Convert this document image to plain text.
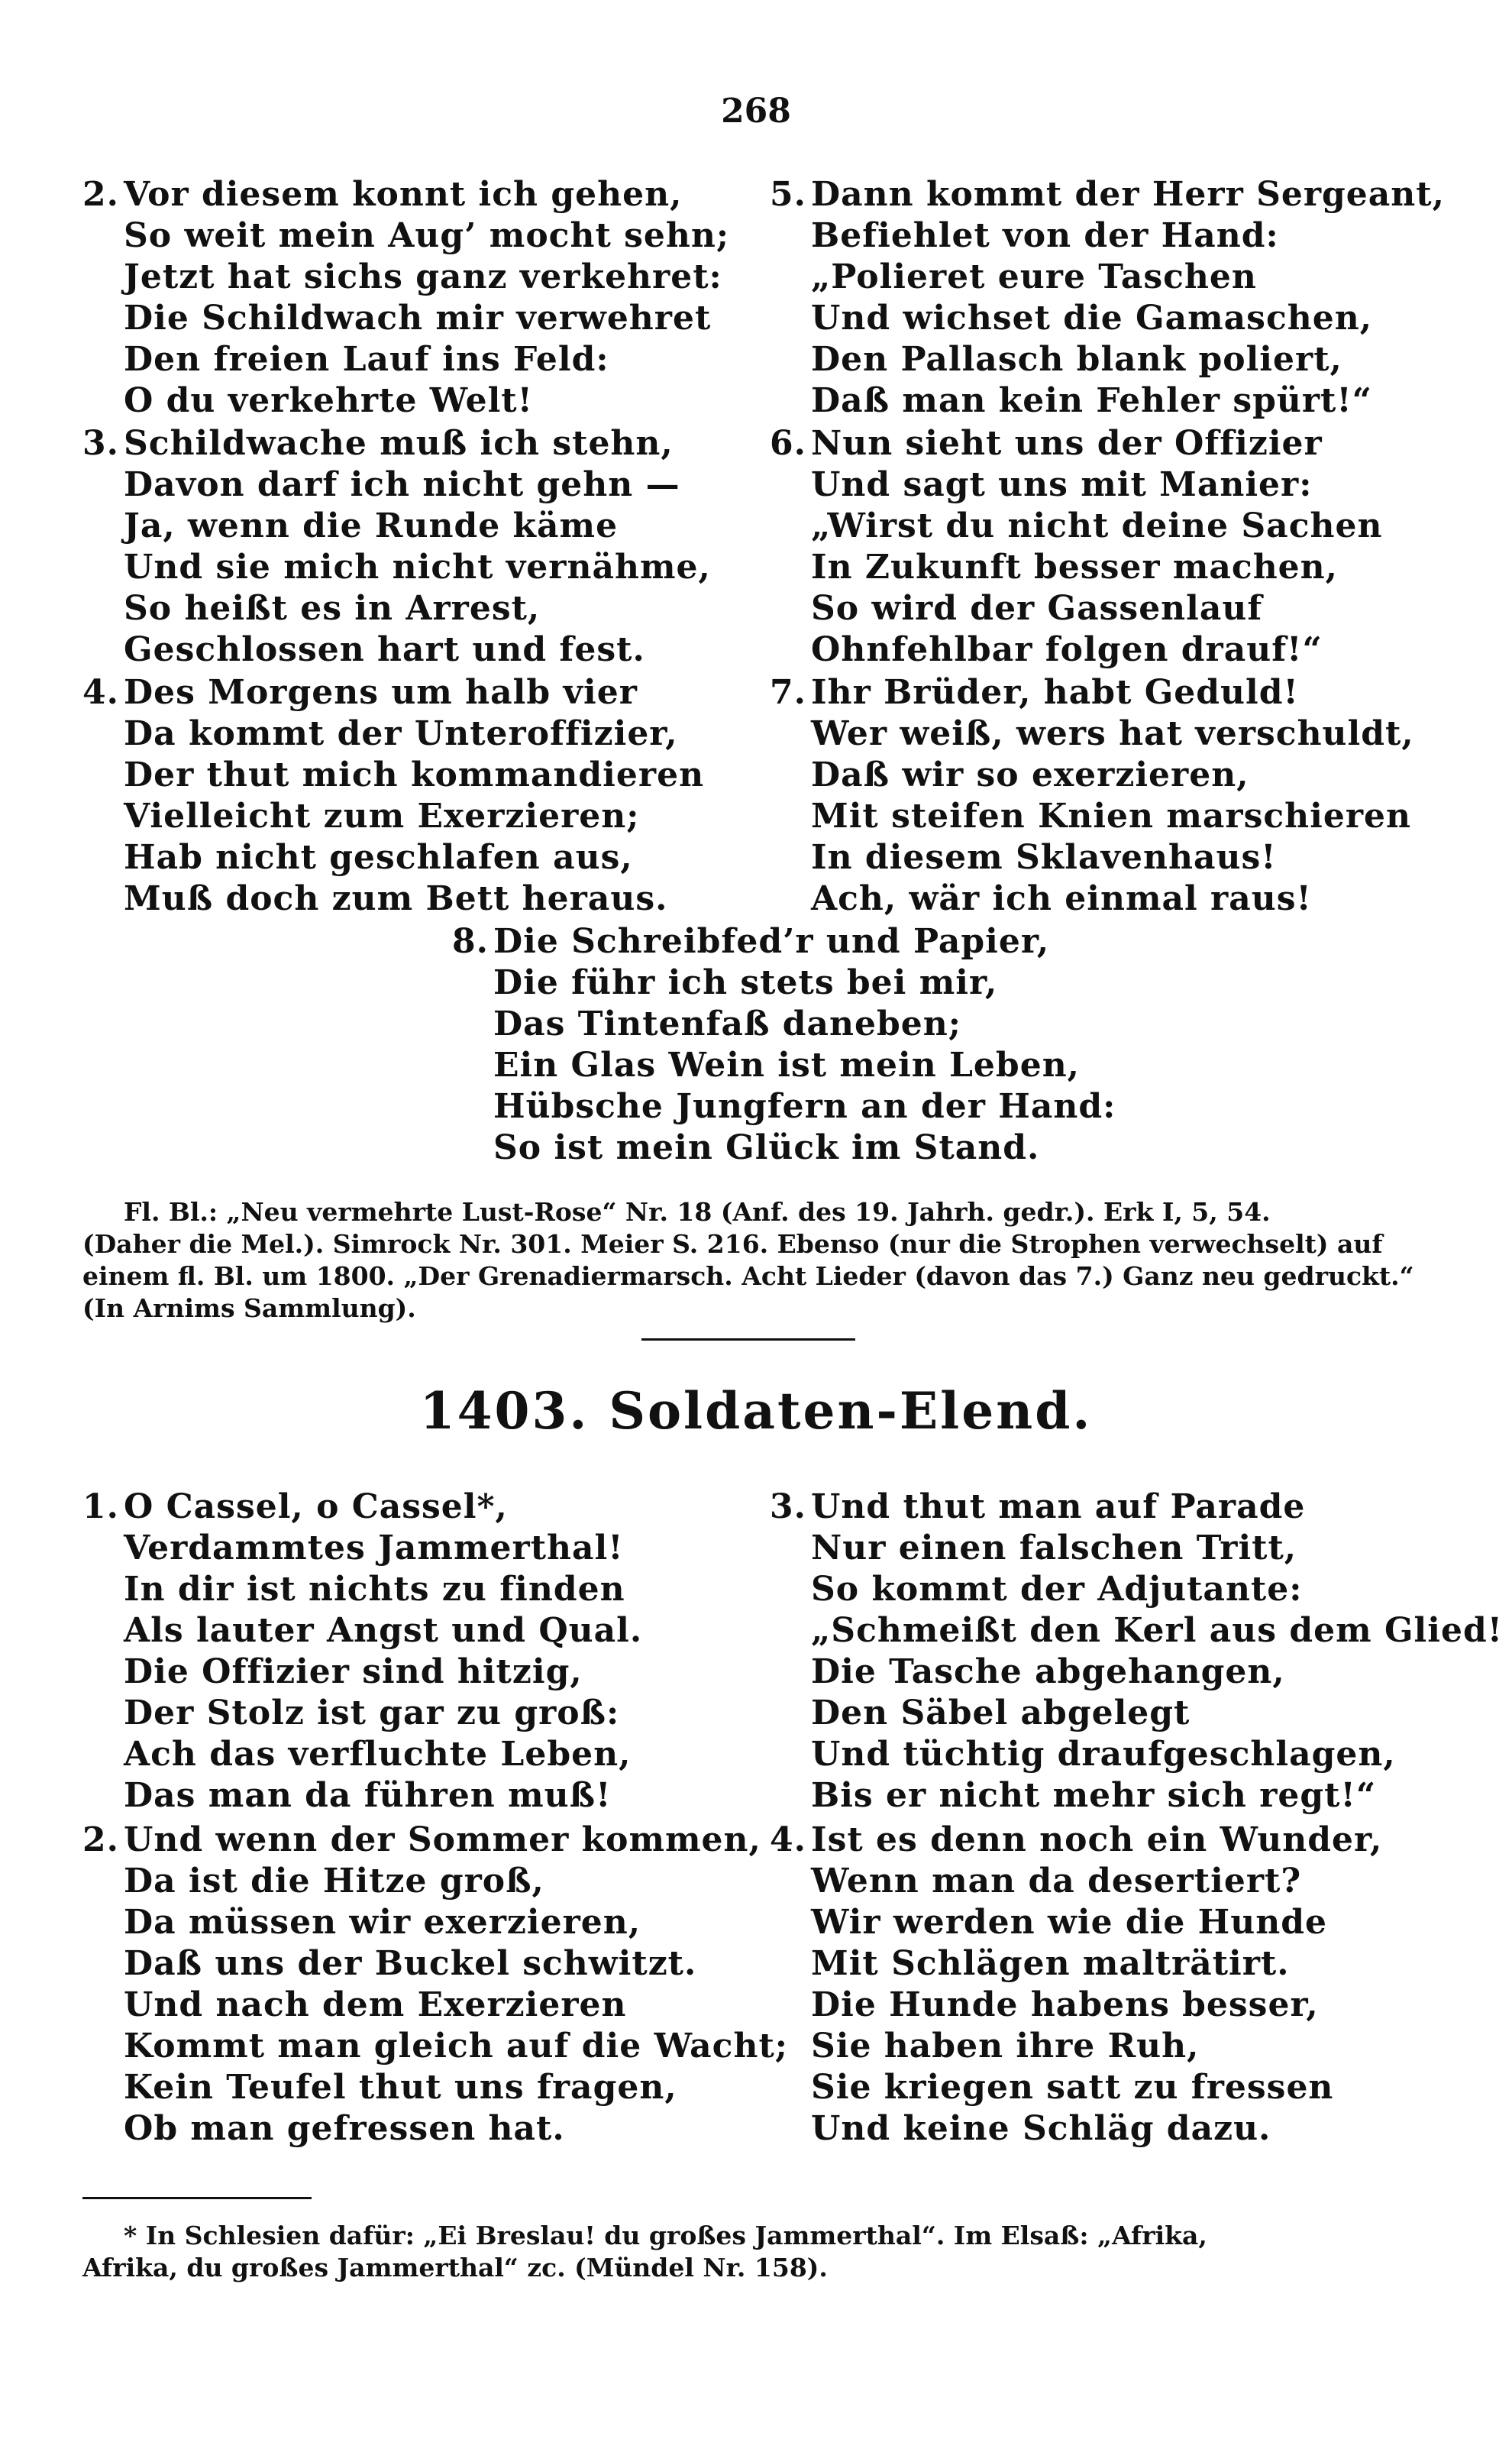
268
2. Vor diesem konnt ich gehen,
So weit mein Aug’ mocht sehn;
Jetzt hat sichs ganz verkehret:
Die Schildwach mir verwehret
Den freien Lauf ins Feld:
O du verkehrte Welt!
3. Schildwache muß ich stehn,
Davon darf ich nicht gehn —
Ja, wenn die Runde käme
Und sie mich nicht vernähme,
So heißt es in Arrest,
Geschlossen hart und fest.
4. Des Morgens um halb vier
Da kommt der Unteroffizier,
Der thut mich kommandieren
Vielleicht zum Exerzieren;
Hab nicht geschlafen aus,
Muß doch zum Bett heraus.
5. Dann kommt der Herr Sergeant,
Befiehlet von der Hand:
„Polieret eure Taschen
Und wichset die Gamaschen,
Den Pallasch blank poliert,
Daß man kein Fehler spürt!“
6. Nun sieht uns der Offizier
Und sagt uns mit Manier:
„Wirst du nicht deine Sachen
In Zukunft besser machen,
So wird der Gassenlauf
Ohnfehlbar folgen drauf!“
7. Ihr Brüder, habt Geduld!
Wer weiß, wers hat verschuldt,
Daß wir so exerzieren,
Mit steifen Knien marschieren
In diesem Sklavenhaus!
Ach, wär ich einmal raus!
8. Die Schreibfed’r und Papier,
Die führ ich stets bei mir,
Das Tintenfaß daneben;
Ein Glas Wein ist mein Leben,
Hübsche Jungfern an der Hand:
So ist mein Glück im Stand.
Fl. Bl.: „Neu vermehrte Lust-Rose“ Nr. 18 (Anf. des 19. Jahrh. gedr.). Erk I, 5, 54.
(Daher die Mel.). Simrock Nr. 301. Meier S. 216. Ebenso (nur die Strophen verwechselt) auf
einem fl. Bl. um 1800. „Der Grenadiermarsch. Acht Lieder (davon das 7.) Ganz neu gedruckt.“
(In Arnims Sammlung).
1403. Soldaten-Elend.
1. O Cassel, o Cassel*,
Verdammtes Jammerthal!
In dir ist nichts zu finden
Als lauter Angst und Qual.
Die Offizier sind hitzig,
Der Stolz ist gar zu groß:
Ach das verfluchte Leben,
Das man da führen muß!
2. Und wenn der Sommer kommen,
Da ist die Hitze groß,
Da müssen wir exerzieren,
Daß uns der Buckel schwitzt.
Und nach dem Exerzieren
Kommt man gleich auf die Wacht;
Kein Teufel thut uns fragen,
Ob man gefressen hat.
3. Und thut man auf Parade
Nur einen falschen Tritt,
So kommt der Adjutante:
„Schmeißt den Kerl aus dem Glied!
Die Tasche abgehangen,
Den Säbel abgelegt
Und tüchtig draufgeschlagen,
Bis er nicht mehr sich regt!“
4. Ist es denn noch ein Wunder,
Wenn man da desertiert?
Wir werden wie die Hunde
Mit Schlägen malträtirt.
Die Hunde habens besser,
Sie haben ihre Ruh,
Sie kriegen satt zu fressen
Und keine Schläg dazu.
* In Schlesien dafür: „Ei Breslau! du großes Jammerthal“. Im Elsaß: „Afrika,
Afrika, du großes Jammerthal“ zc. (Mündel Nr. 158).
